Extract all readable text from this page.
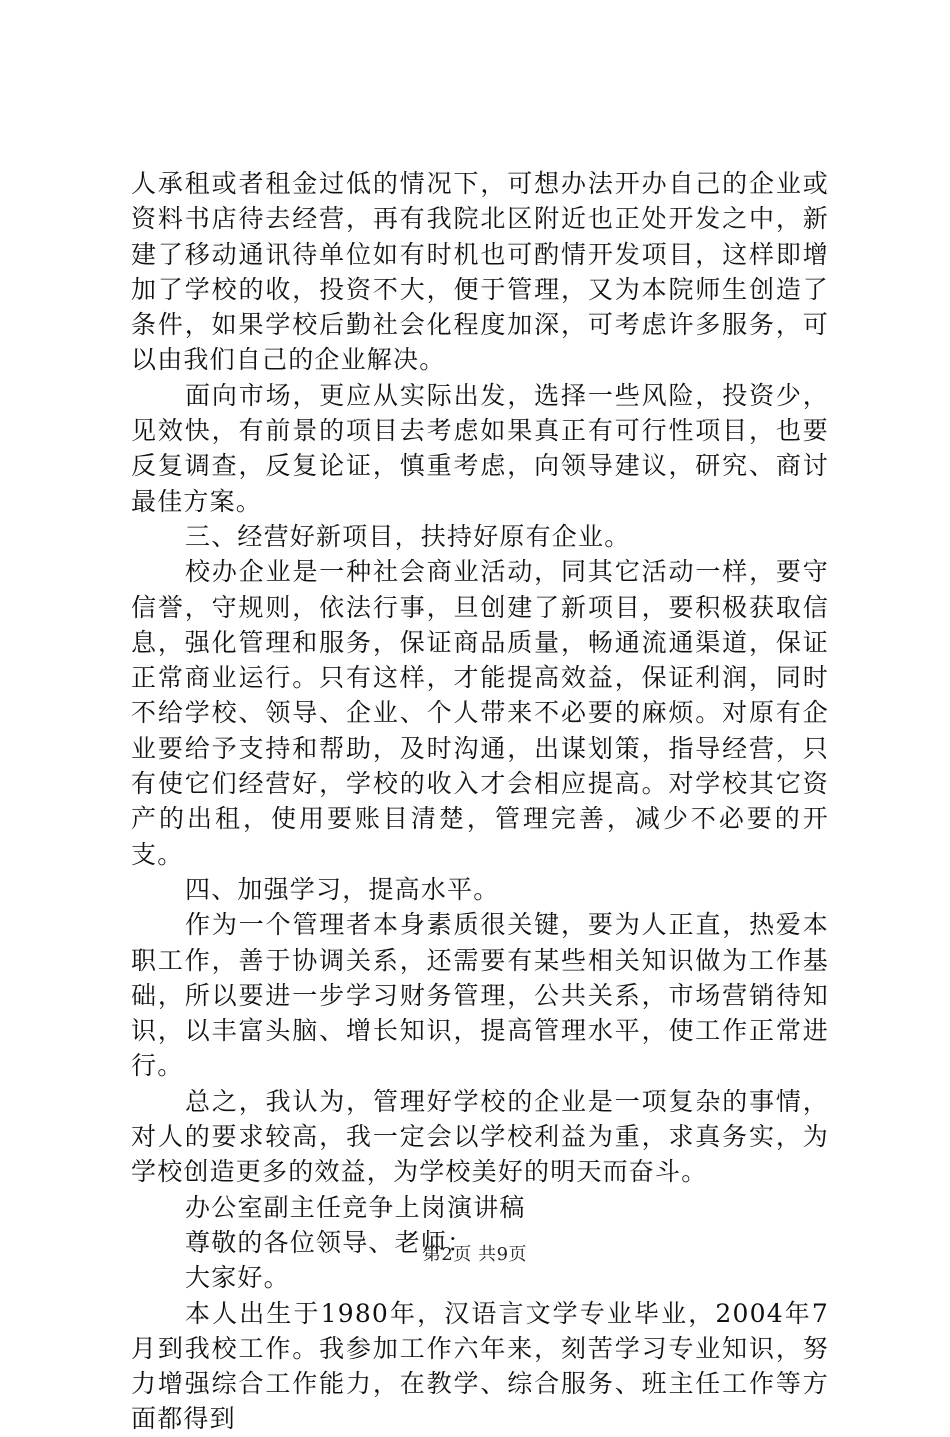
人承租或者租金过低的情况下，可想办法开办自己的企业或资料书店待去经营，再有我院北区附近也正处开发之中，新建了移动通讯待单位如有时机也可酌情开发项目，这样即增加了学校的收，投资不大，便于管理，又为本院师生创造了条件，如果学校后勤社会化程度加深，可考虑许多服务，可以由我们自己的企业解决。

面向市场，更应从实际出发，选择一些风险，投资少，见效快，有前景的项目去考虑如果真正有可行性项目，也要反复调查，反复论证，慎重考虑，向领导建议，研究、商讨最佳方案。

三、经营好新项目，扶持好原有企业。

校办企业是一种社会商业活动，同其它活动一样，要守信誉，守规则，依法行事，旦创建了新项目，要积极获取信息，强化管理和服务，保证商品质量，畅通流通渠道，保证正常商业运行。只有这样，才能提高效益，保证利润，同时不给学校、领导、企业、个人带来不必要的麻烦。对原有企业要给予支持和帮助，及时沟通，出谋划策，指导经营，只有使它们经营好，学校的收入才会相应提高。对学校其它资产的出租，使用要账目清楚，管理完善，减少不必要的开支。

四、加强学习，提高水平。

作为一个管理者本身素质很关键，要为人正直，热爱本职工作，善于协调关系，还需要有某些相关知识做为工作基础，所以要进一步学习财务管理，公共关系，市场营销待知识，以丰富头脑、增长知识，提高管理水平，使工作正常进行。

总之，我认为，管理好学校的企业是一项复杂的事情，对人的要求较高，我一定会以学校利益为重，求真务实，为学校创造更多的效益，为学校美好的明天而奋斗。

办公室副主任竞争上岗演讲稿

尊敬的各位领导、老师：

大家好。

本人出生于1980年，汉语言文学专业毕业，2004年7月到我校工作。我参加工作六年来，刻苦学习专业知识，努力增强综合工作能力，在教学、综合服务、班主任工作等方面都得到

第2页 共9页
